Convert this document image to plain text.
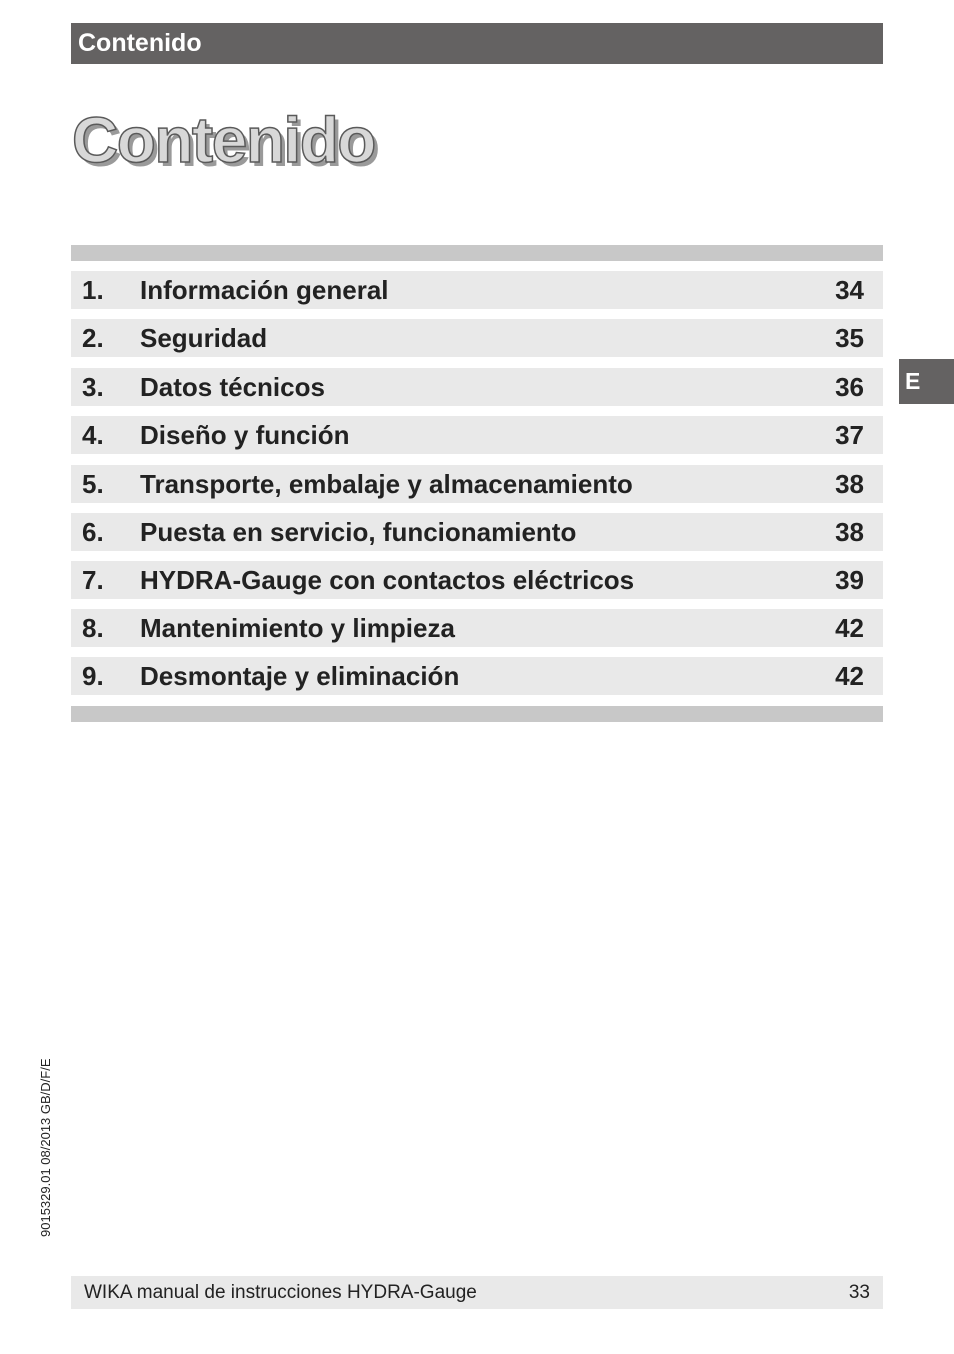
Contenido
Contenido
1. Información general	34
2. Seguridad	35
3. Datos técnicos	36
4. Diseño y función	37
5. Transporte, embalaje y almacenamiento	38
6. Puesta en servicio, funcionamiento	38
7. HYDRA-Gauge con contactos eléctricos	39
8. Mantenimiento y limpieza	42
9. Desmontaje y eliminación	42
E
9015329.01 08/2013 GB/D/F/E
WIKA manual de instrucciones HYDRA-Gauge	33
